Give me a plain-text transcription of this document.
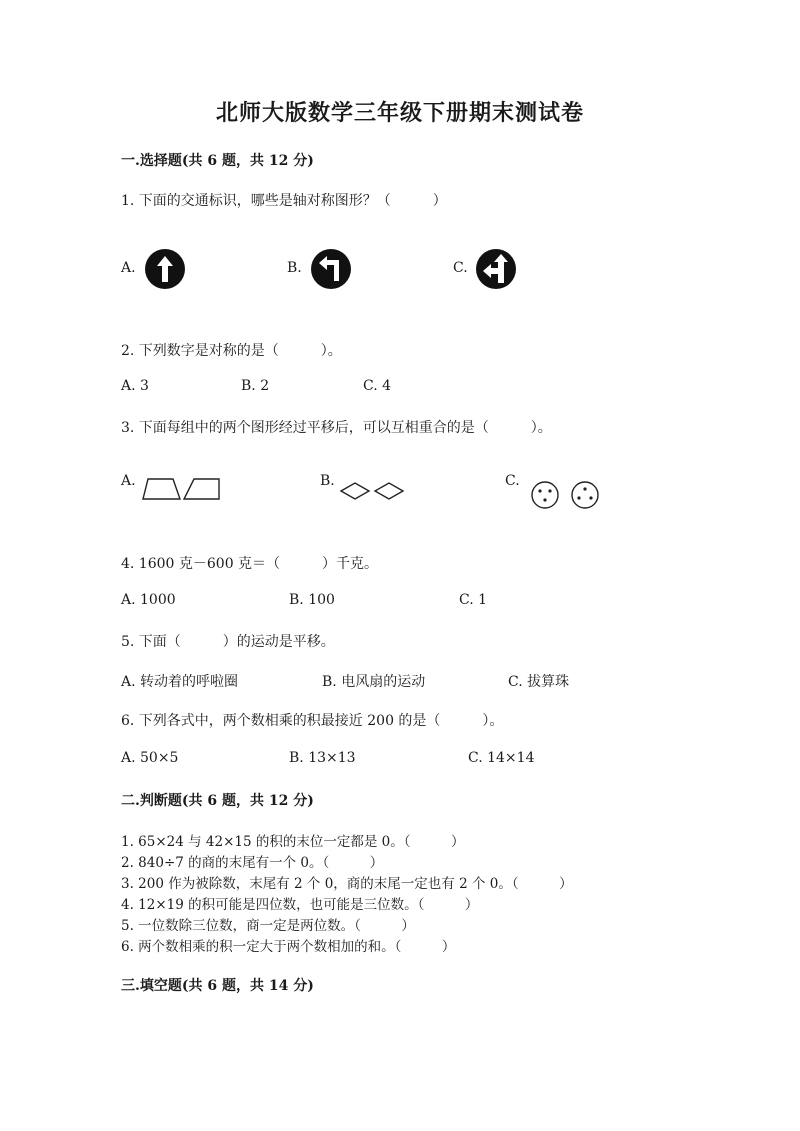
北师大版数学三年级下册期末测试卷
一.选择题(共 6 题，共 12 分)
1. 下面的交通标识，哪些是轴对称图形？（　　　）
A.	B.	C.
2. 下列数字是对称的是（　　　）。
A. 3	B. 2	C. 4
3. 下面每组中的两个图形经过平移后，可以互相重合的是（　　　）。
A.	B.	C.
4. 1600 克－600 克＝（　　　）千克。
A. 1000	B. 100	C. 1
5. 下面（　　　）的运动是平移。
A. 转动着的呼啦圈	B. 电风扇的运动	C. 拔算珠
6. 下列各式中，两个数相乘的积最接近 200 的是（　　　）。
A. 50×5	B. 13×13	C. 14×14
二.判断题(共 6 题，共 12 分)
1. 65×24 与 42×15 的积的末位一定都是 0。（　　　）
2. 840÷7 的商的末尾有一个 0。（　　　）
3. 200 作为被除数，末尾有 2 个 0，商的末尾一定也有 2 个 0。（　　　）
4. 12×19 的积可能是四位数，也可能是三位数。（　　　）
5. 一位数除三位数，商一定是两位数。（　　　）
6. 两个数相乘的积一定大于两个数相加的和。（　　　）
三.填空题(共 6 题，共 14 分)
